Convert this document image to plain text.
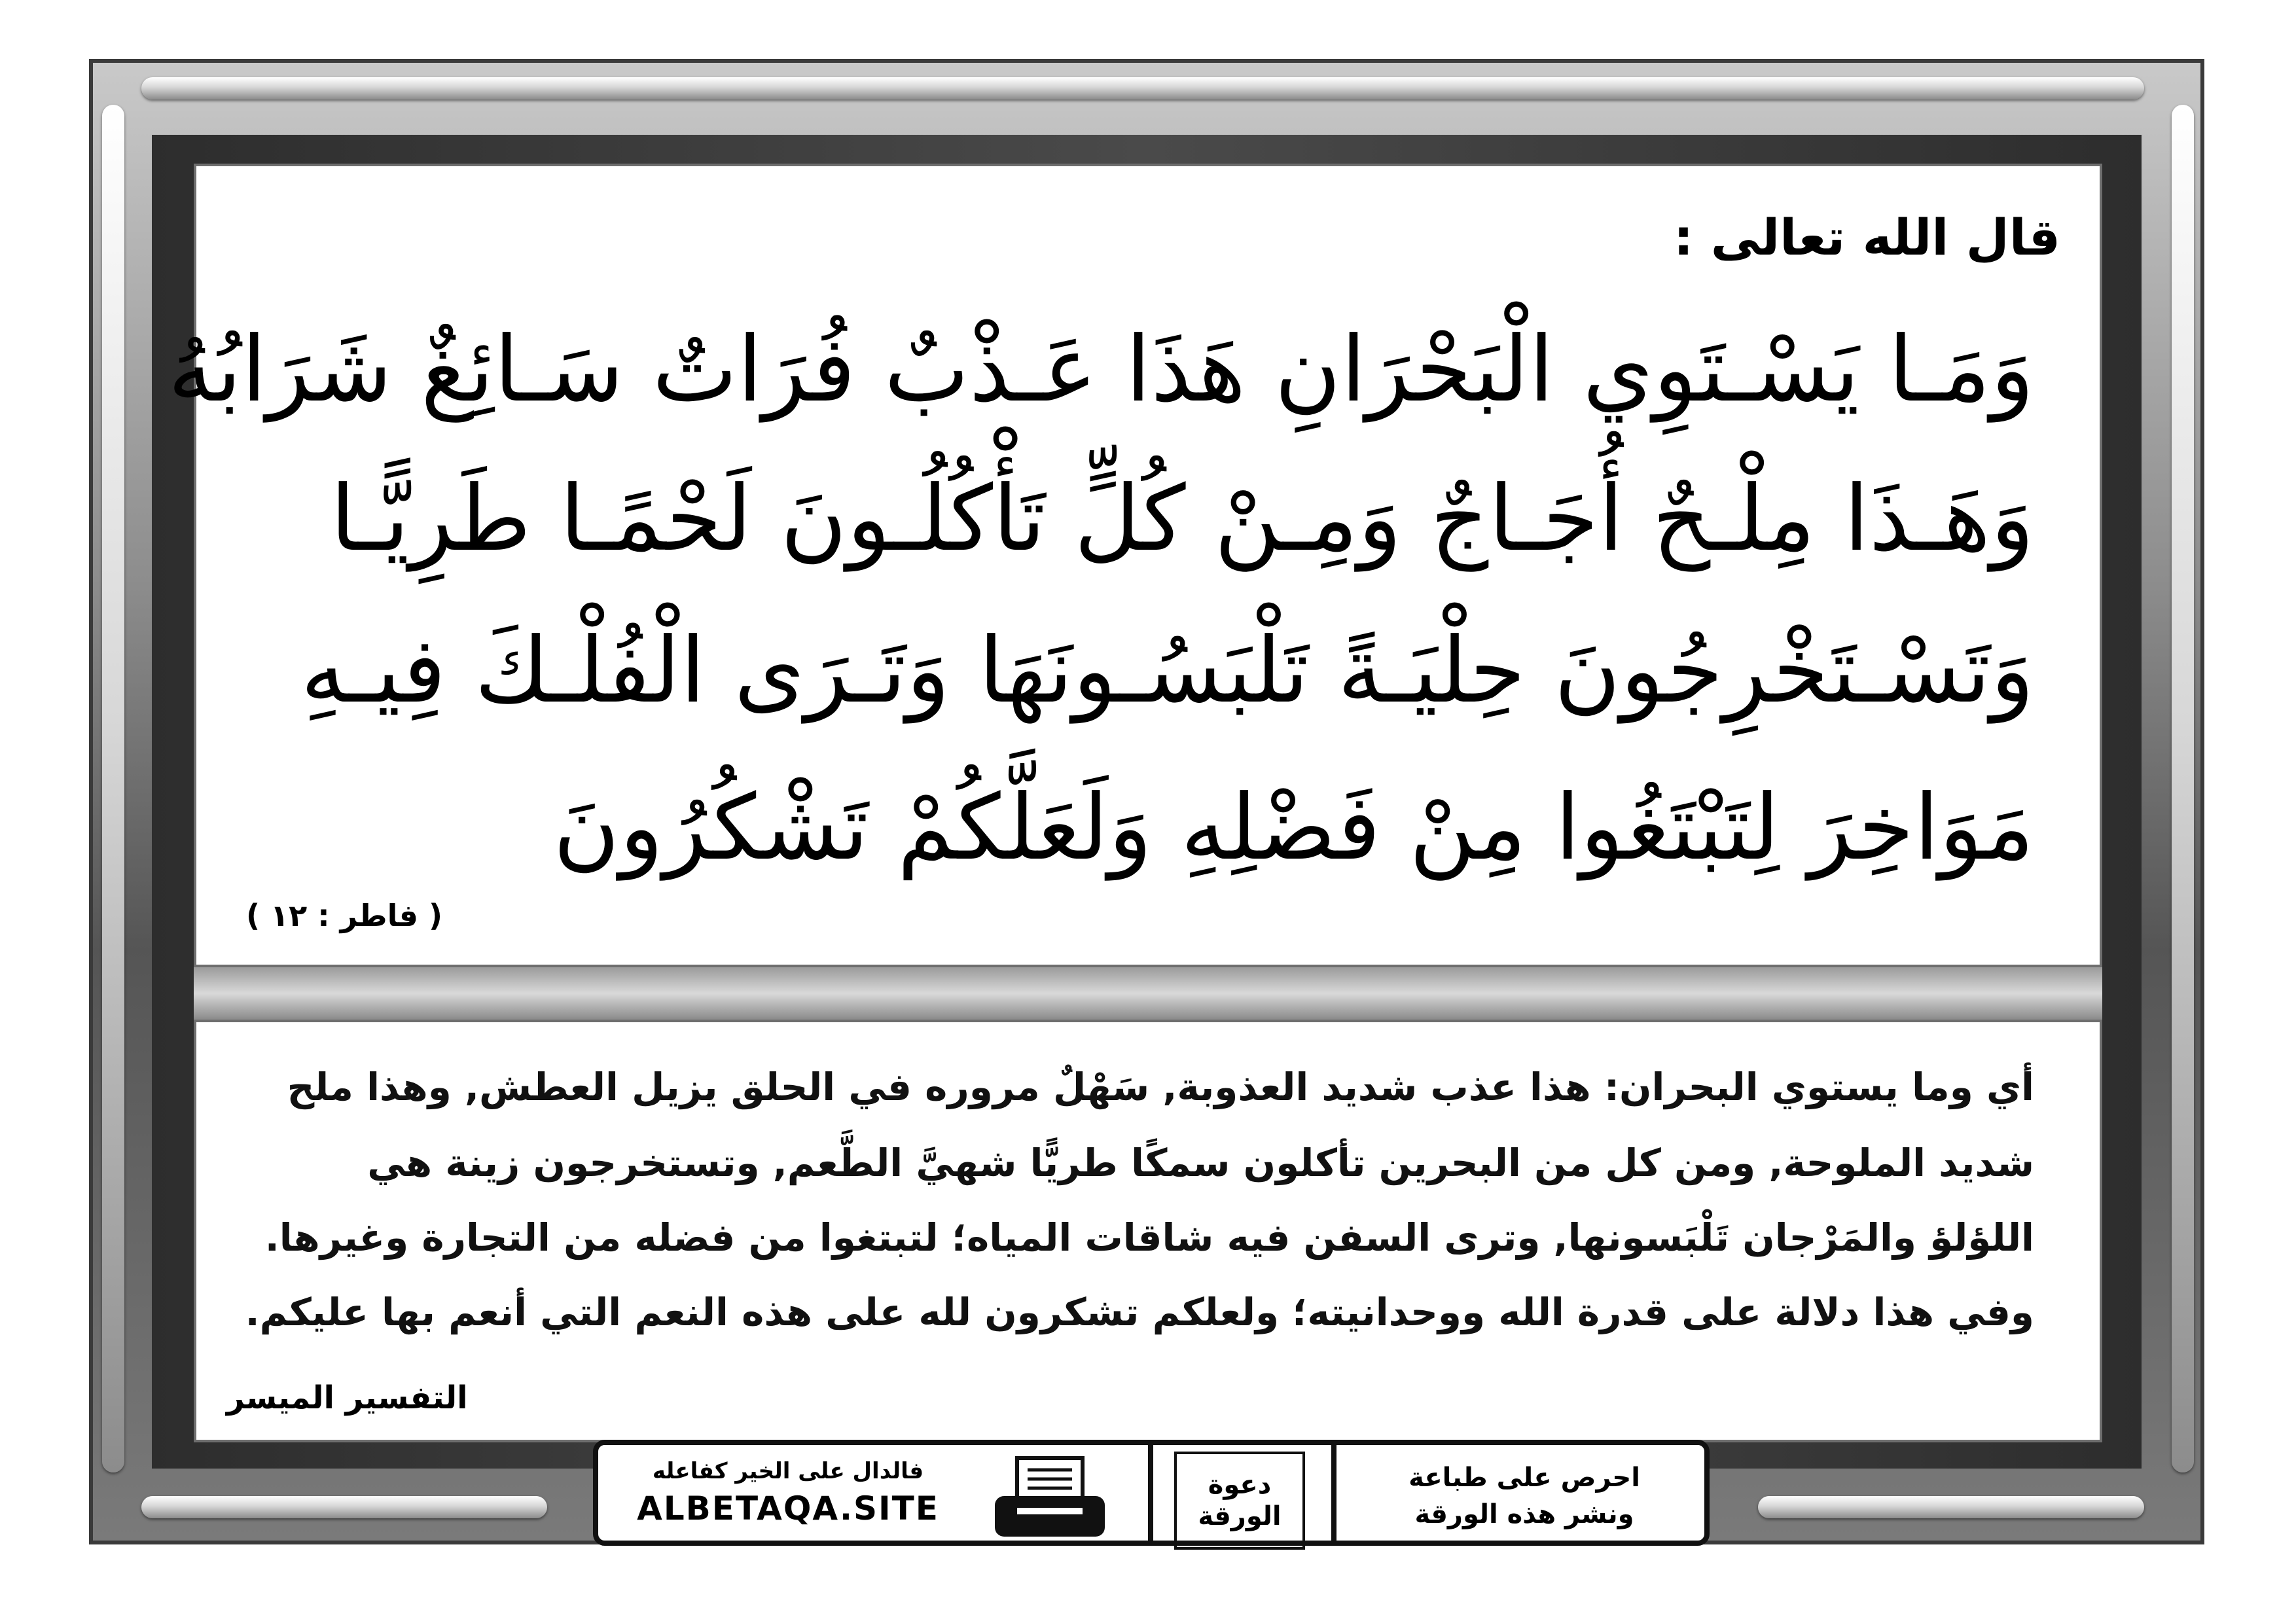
قال الله تعالى :
وَمَـا يَسْـتَوِي الْبَحْرَانِ هَذَا عَـذْبٌ فُرَاتٌ سَـائِغٌ شَرَابُهُ
وَهَـذَا مِلْـحٌ أُجَـاجٌ وَمِـنْ كُلٍّ تَأْكُلُـونَ لَحْمًـا طَرِيًّـا
وَتَسْـتَخْرِجُونَ حِلْيَـةً تَلْبَسُـونَهَا وَتَـرَى الْفُلْـكَ فِيـهِ
مَوَاخِرَ لِتَبْتَغُوا مِنْ فَضْلِهِ وَلَعَلَّكُمْ تَشْكُرُونَ
( فاطر : ١٢ )
أي وما يستوي البحران: هذا عذب شديد العذوبة, سَهْلٌ مروره في الحلق يزيل العطش, وهذا ملح
شديد الملوحة, ومن كل من البحرين تأكلون سمكًا طريًّا شهيَّ الطَّعم, وتستخرجون زينة هي
اللؤلؤ والمَرْجان تَلْبَسونها, وترى السفن فيه شاقات المياه؛ لتبتغوا من فضله من التجارة وغيرها.
وفي هذا دلالة على قدرة الله ووحدانيته؛ ولعلكم تشكرون لله على هذه النعم التي أنعم بها عليكم.
التفسير الميسر
فالدال على الخير كفاعله
ALBETAQA.SITE
دعوة
الورقة
احرص على طباعة
ونشر هذه الورقة
